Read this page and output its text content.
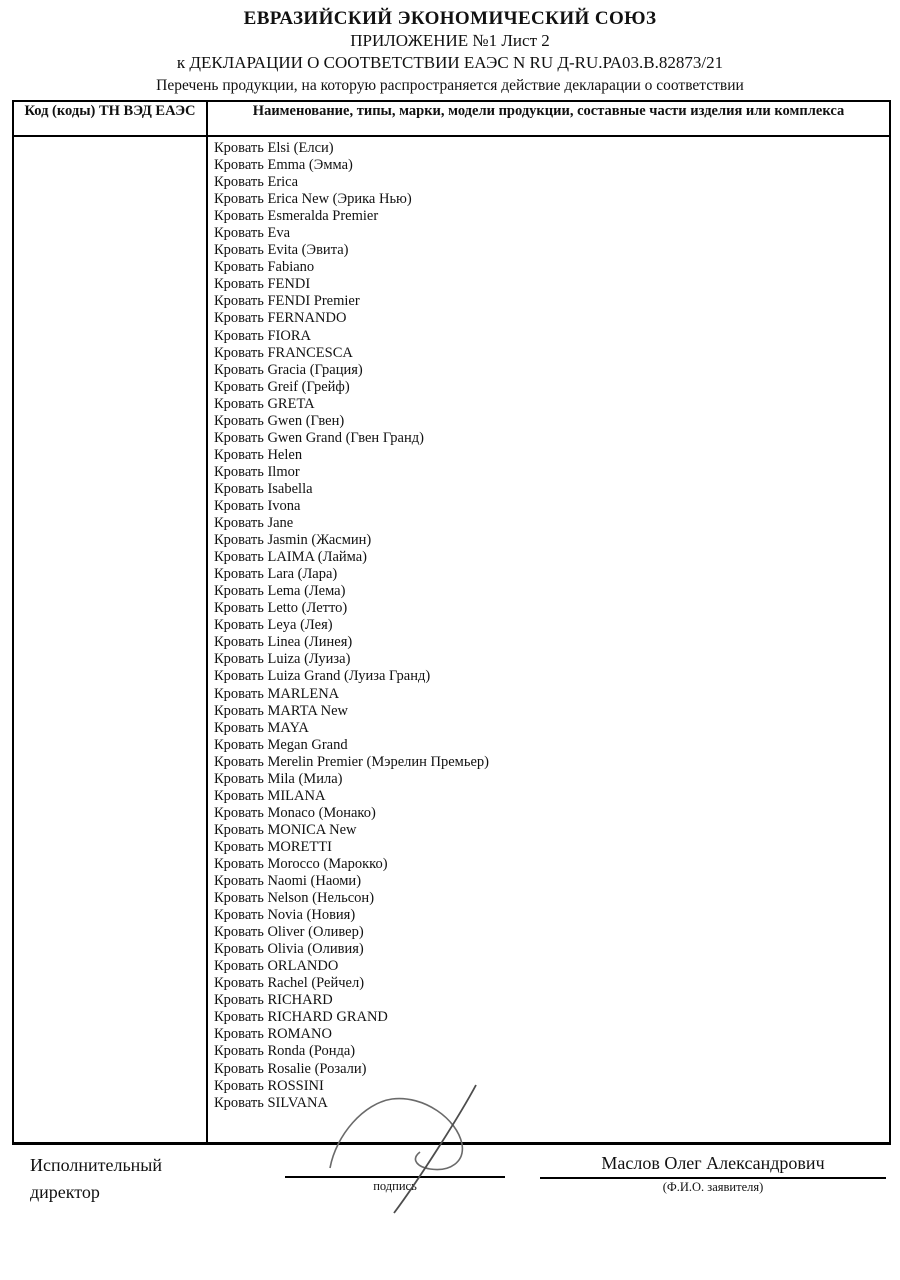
ЕВРАЗИЙСКИЙ ЭКОНОМИЧЕСКИЙ СОЮЗ
ПРИЛОЖЕНИЕ №1 Лист 2
к ДЕКЛАРАЦИИ О СООТВЕТСТВИИ ЕАЭС N RU Д-RU.РА03.В.82873/21
Перечень продукции, на которую распространяется действие декларации о соответствии
Код (коды) ТН ВЭД ЕАЭС	Наименование, типы, марки, модели продукции, составные части изделия или комплекса
Кровать Elsi (Елси)
Кровать Emma (Эмма)
Кровать Erica
Кровать Erica New (Эрика Нью)
Кровать Esmeralda Premier
Кровать Eva
Кровать Evita (Эвита)
Кровать Fabiano
Кровать FENDI
Кровать FENDI Premier
Кровать FERNANDO
Кровать FIORA
Кровать FRANCESCA
Кровать Gracia (Грация)
Кровать Greif (Грейф)
Кровать GRETA
Кровать Gwen (Гвен)
Кровать Gwen Grand (Гвен Гранд)
Кровать Helen
Кровать Ilmor
Кровать Isabella
Кровать Ivona
Кровать Jane
Кровать Jasmin (Жасмин)
Кровать LAIMA (Лайма)
Кровать Lara (Лара)
Кровать Lema (Лема)
Кровать Letto (Летто)
Кровать Leya (Лея)
Кровать Linea (Линея)
Кровать Luiza (Луиза)
Кровать Luiza Grand (Луиза Гранд)
Кровать MARLENA
Кровать MARTA New
Кровать MAYA
Кровать Megan Grand
Кровать Merelin Premier (Мэрелин Премьер)
Кровать Mila (Мила)
Кровать MILANA
Кровать Monaco (Монако)
Кровать MONICA New
Кровать MORETTI
Кровать Morocco (Марокко)
Кровать Naomi (Наоми)
Кровать Nelson (Нельсон)
Кровать Novia (Новия)
Кровать Oliver (Оливер)
Кровать Olivia (Оливия)
Кровать ORLANDO
Кровать Rachel (Рейчел)
Кровать RICHARD
Кровать RICHARD GRAND
Кровать ROMANO
Кровать Ronda (Ронда)
Кровать Rosalie (Розали)
Кровать ROSSINI
Кровать SILVANA
Исполнительный директор	подпись
Маслов Олег Александрович
(Ф.И.О. заявителя)
